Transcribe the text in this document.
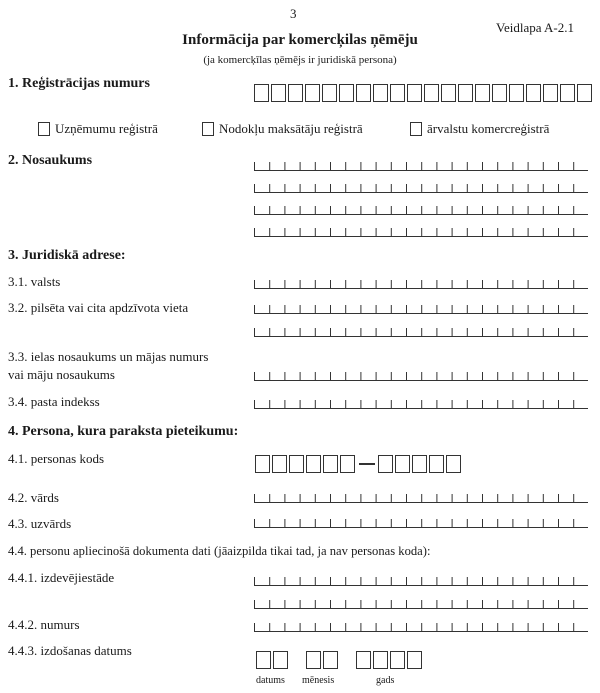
3
Veidlapa A-2.1
Informācija par komercķilas ņēmēju
(ja komercķīlas ņēmējs ir juridiskā persona)
1. Reģistrācijas numurs
Uzņēmumu reģistrā	Nodokļu maksātāju reģistrā	ārvalstu komercreģistrā
2. Nosaukums
3. Juridiskā adrese:
3.1. valsts
3.2. pilsēta vai cita apdzīvota vieta
3.3. ielas nosaukums un mājas numurs
vai māju nosaukums
3.4. pasta indekss
4. Persona, kura paraksta pieteikumu:
4.1. personas kods
4.2. vārds
4.3. uzvārds
4.4. personu apliecinošā dokumenta dati (jāaizpilda tikai tad, ja nav personas koda):
4.4.1. izdevējiestāde
4.4.2. numurs
4.4.3. izdošanas datums
datums mēnesis	gads
